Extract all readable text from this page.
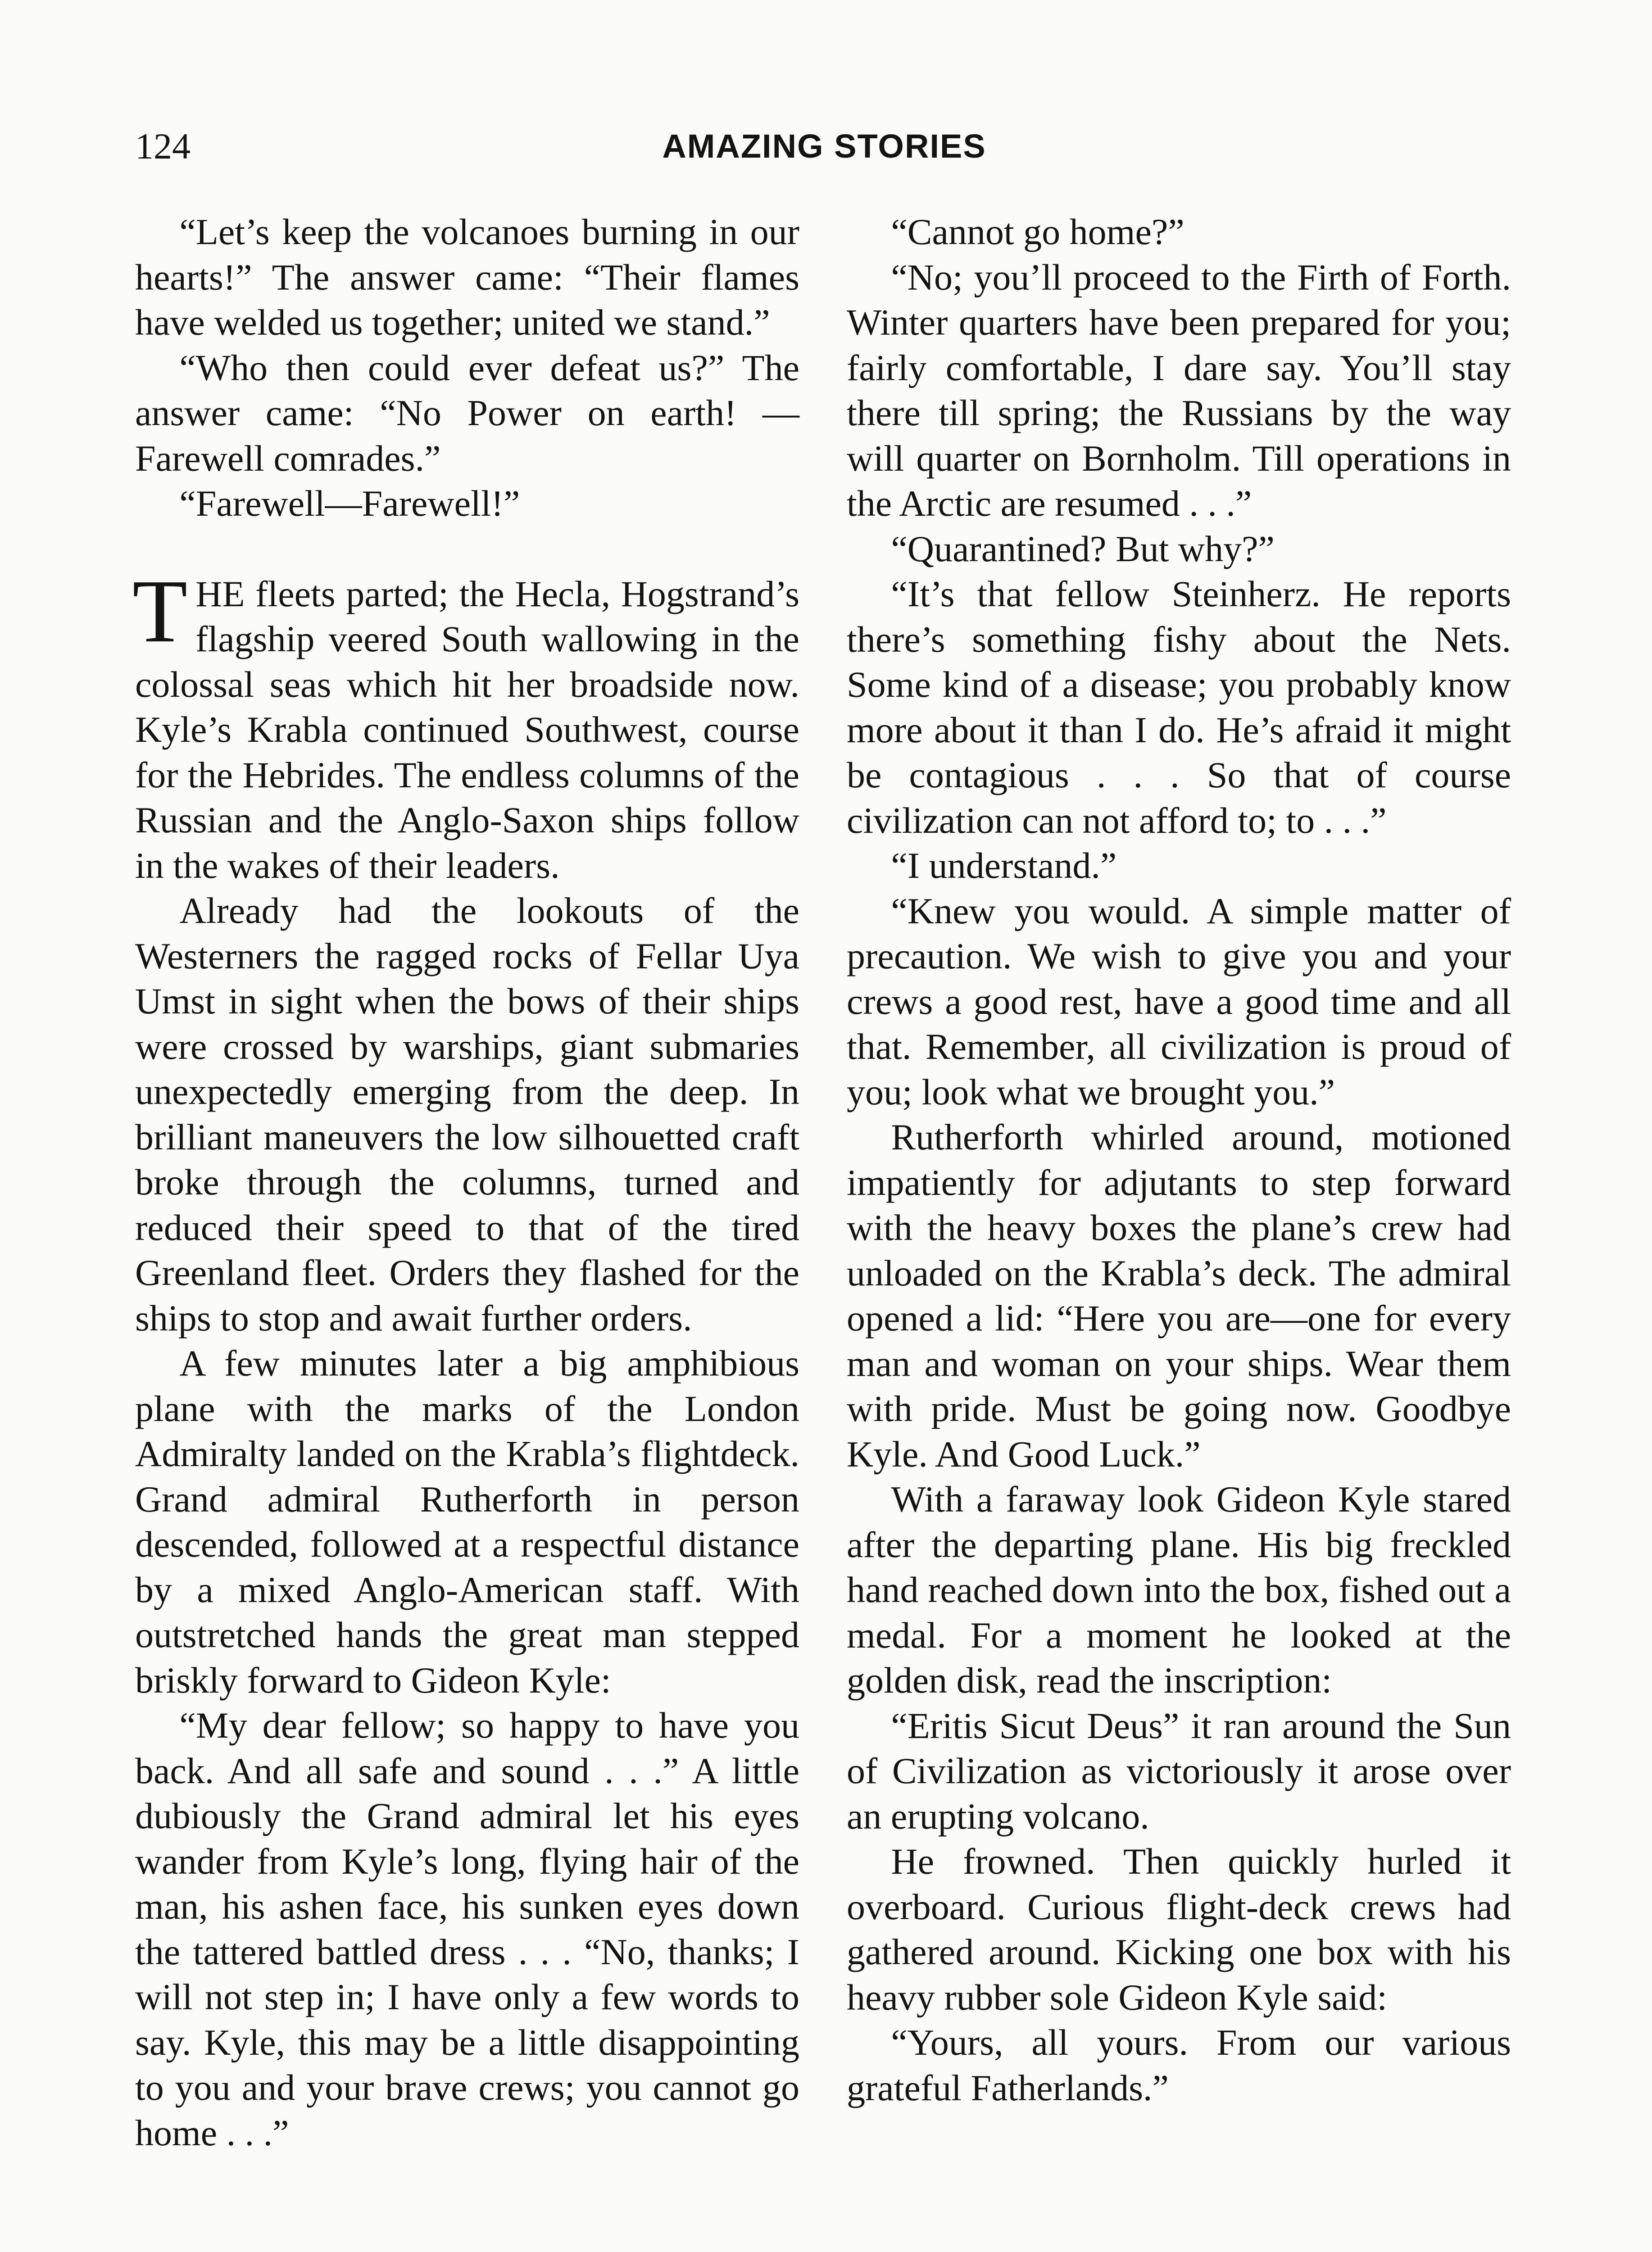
124	AMAZING STORIES

“Let’s keep the volcanoes burning in our hearts!” The answer came: “Their flames have welded us together; united we stand.”

“Who then could ever defeat us?” The answer came: “No Power on earth! —Farewell comrades.”

“Farewell—Farewell!”

THE fleets parted; the Hecla, Hogstrand’s flagship veered South wallowing in the colossal seas which hit her broadside now. Kyle’s Krabla continued Southwest, course for the Hebrides. The endless columns of the Russian and the Anglo-Saxon ships follow in the wakes of their leaders.

Already had the lookouts of the Westerners the ragged rocks of Fellar Uya Umst in sight when the bows of their ships were crossed by warships, giant submaries unexpectedly emerging from the deep. In brilliant maneuvers the low silhouetted craft broke through the columns, turned and reduced their speed to that of the tired Greenland fleet. Orders they flashed for the ships to stop and await further orders.

A few minutes later a big amphibious plane with the marks of the London Admiralty landed on the Krabla’s flightdeck. Grand admiral Rutherforth in person descended, followed at a respectful distance by a mixed Anglo-American staff. With outstretched hands the great man stepped briskly forward to Gideon Kyle:

“My dear fellow; so happy to have you back. And all safe and sound . . .” A little dubiously the Grand admiral let his eyes wander from Kyle’s long, flying hair of the man, his ashen face, his sunken eyes down the tattered battled dress . . . “No, thanks; I will not step in; I have only a few words to say. Kyle, this may be a little disappointing to you and your brave crews; you cannot go home . . .”

“Cannot go home?”

“No; you’ll proceed to the Firth of Forth. Winter quarters have been prepared for you; fairly comfortable, I dare say. You’ll stay there till spring; the Russians by the way will quarter on Bornholm. Till operations in the Arctic are resumed . . .”

“Quarantined? But why?”

“It’s that fellow Steinherz. He reports there’s something fishy about the Nets. Some kind of a disease; you probably know more about it than I do. He’s afraid it might be contagious . . . So that of course civilization can not afford to; to . . .”

“I understand.”

“Knew you would. A simple matter of precaution. We wish to give you and your crews a good rest, have a good time and all that. Remember, all civilization is proud of you; look what we brought you.”

Rutherforth whirled around, motioned impatiently for adjutants to step forward with the heavy boxes the plane’s crew had unloaded on the Krabla’s deck. The admiral opened a lid: “Here you are—one for every man and woman on your ships. Wear them with pride. Must be going now. Goodbye Kyle. And Good Luck.”

With a faraway look Gideon Kyle stared after the departing plane. His big freckled hand reached down into the box, fished out a medal. For a moment he looked at the golden disk, read the inscription:

“Eritis Sicut Deus” it ran around the Sun of Civilization as victoriously it arose over an erupting volcano.

He frowned. Then quickly hurled it overboard. Curious flight-deck crews had gathered around. Kicking one box with his heavy rubber sole Gideon Kyle said:

“Yours, all yours. From our various grateful Fatherlands.”
